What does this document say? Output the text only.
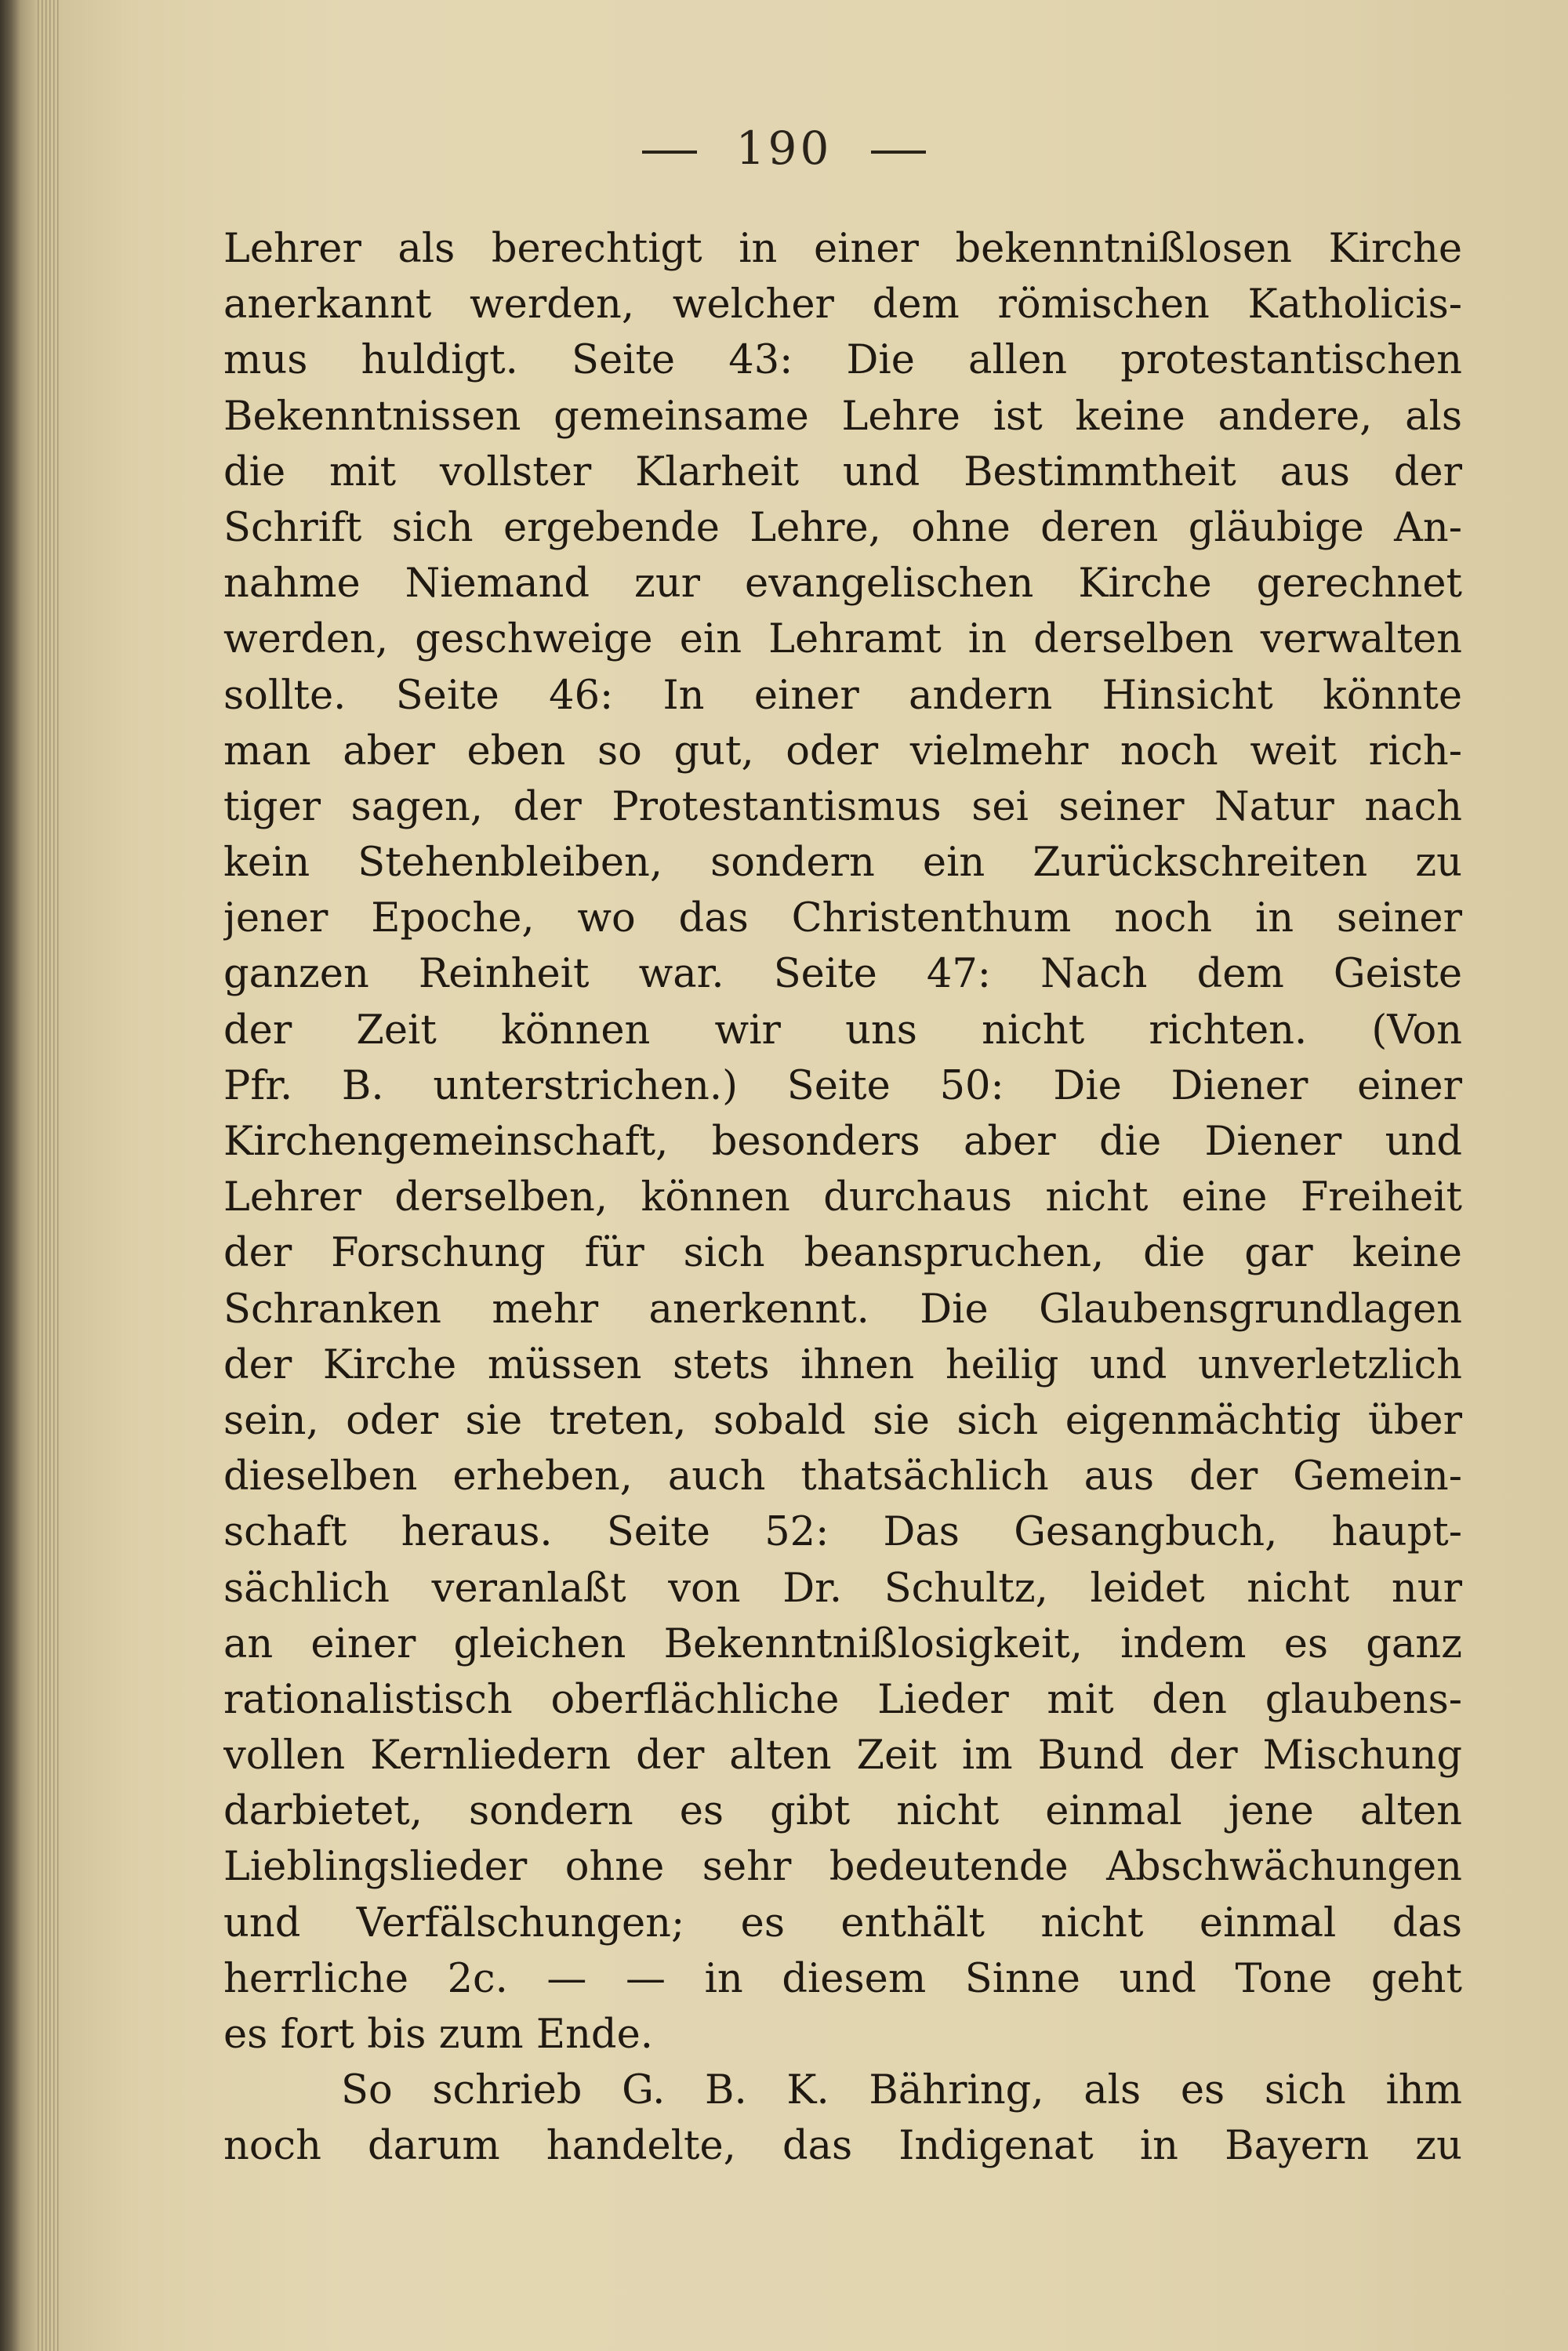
190
Lehrer als berechtigt in einer bekenntnißlosen Kirche
anerkannt werden, welcher dem römischen Katholicis-
mus huldigt. Seite 43: Die allen protestantischen
Bekenntnissen gemeinsame Lehre ist keine andere, als
die mit vollster Klarheit und Bestimmtheit aus der
Schrift sich ergebende Lehre, ohne deren gläubige An-
nahme Niemand zur evangelischen Kirche gerechnet
werden, geschweige ein Lehramt in derselben verwalten
sollte. Seite 46: In einer andern Hinsicht könnte
man aber eben so gut, oder vielmehr noch weit rich-
tiger sagen, der Protestantismus sei seiner Natur nach
kein Stehenbleiben, sondern ein Zurückschreiten zu
jener Epoche, wo das Christenthum noch in seiner
ganzen Reinheit war. Seite 47: Nach dem Geiste
der Zeit können wir uns nicht richten. (Von
Pfr. B. unterstrichen.) Seite 50: Die Diener einer
Kirchengemeinschaft, besonders aber die Diener und
Lehrer derselben, können durchaus nicht eine Freiheit
der Forschung für sich beanspruchen, die gar keine
Schranken mehr anerkennt. Die Glaubensgrundlagen
der Kirche müssen stets ihnen heilig und unverletzlich
sein, oder sie treten, sobald sie sich eigenmächtig über
dieselben erheben, auch thatsächlich aus der Gemein-
schaft heraus. Seite 52: Das Gesangbuch, haupt-
sächlich veranlaßt von Dr. Schultz, leidet nicht nur
an einer gleichen Bekenntnißlosigkeit, indem es ganz
rationalistisch oberflächliche Lieder mit den glaubens-
vollen Kernliedern der alten Zeit im Bund der Mischung
darbietet, sondern es gibt nicht einmal jene alten
Lieblingslieder ohne sehr bedeutende Abschwächungen
und Verfälschungen; es enthält nicht einmal das
herrliche 2c. — — in diesem Sinne und Tone geht
es fort bis zum Ende.
So schrieb G. B. K. Bähring, als es sich ihm
noch darum handelte, das Indigenat in Bayern zu
